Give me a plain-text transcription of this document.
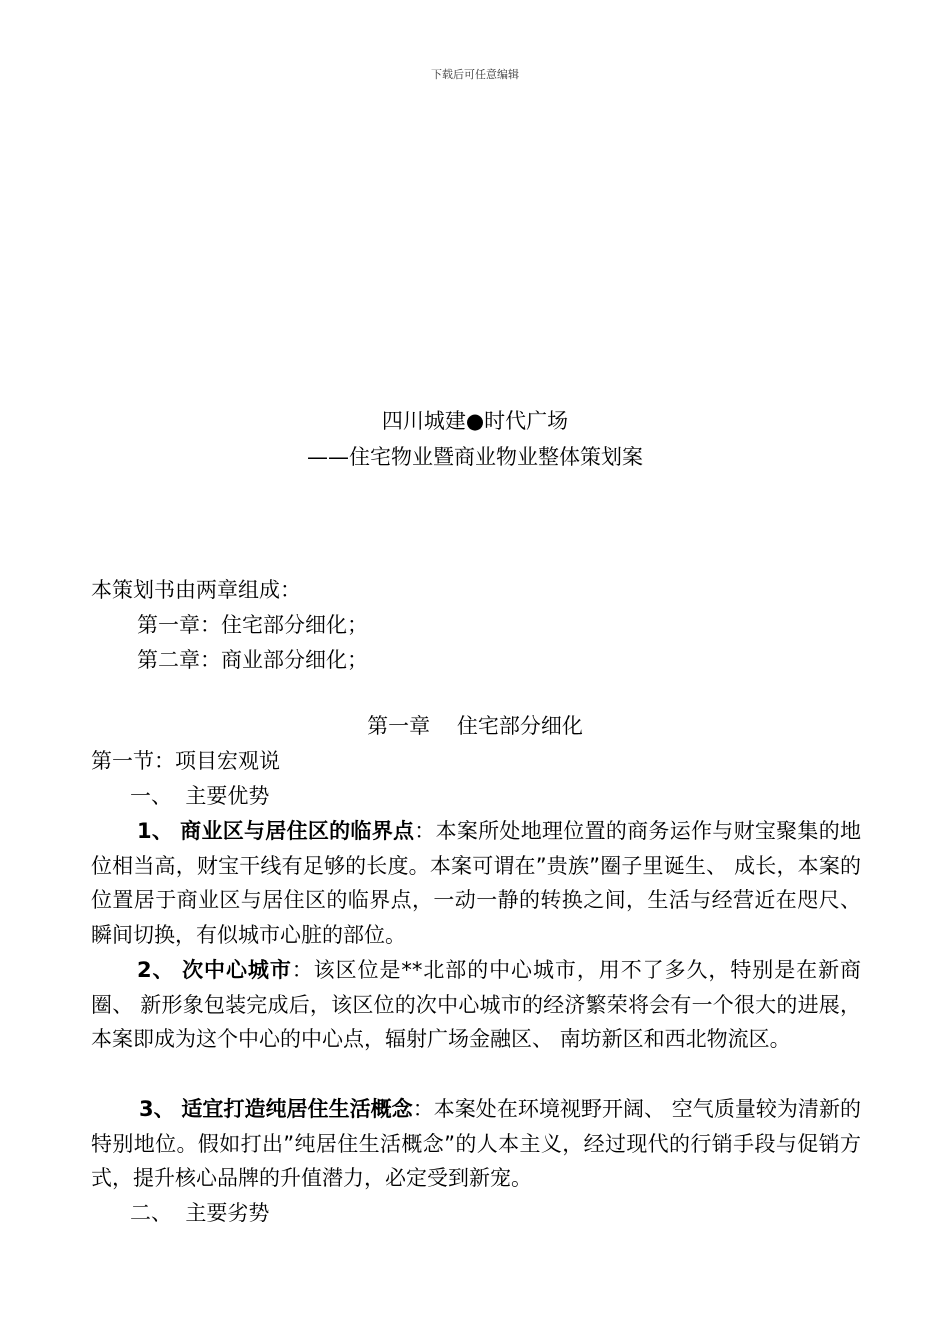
下载后可任意编辑
四川城建●时代广场
——住宅物业暨商业物业整体策划案
本策划书由两章组成：
第一章：住宅部分细化；
第二章：商业部分细化；
第一章 住宅部分细化
第一节：项目宏观说
一、  主要优势
1、 商业区与居住区的临界点：本案所处地理位置的商务运作与财宝聚集的地位相当高，财宝干线有足够的长度。本案可谓在”贵族”圈子里诞生、 成长，本案的位置居于商业区与居住区的临界点，一动一静的转换之间，生活与经营近在咫尺、 瞬间切换，有似城市心脏的部位。
2、 次中心城市：该区位是**北部的中心城市，用不了多久，特别是在新商圈、 新形象包装完成后，该区位的次中心城市的经济繁荣将会有一个很大的进展，本案即成为这个中心的中心点，辐射广场金融区、 南坊新区和西北物流区。
3、 适宜打造纯居住生活概念：本案处在环境视野开阔、 空气质量较为清新的特别地位。假如打出”纯居住生活概念”的人本主义，经过现代的行销手段与促销方式，提升核心品牌的升值潜力，必定受到新宠。
二、  主要劣势
